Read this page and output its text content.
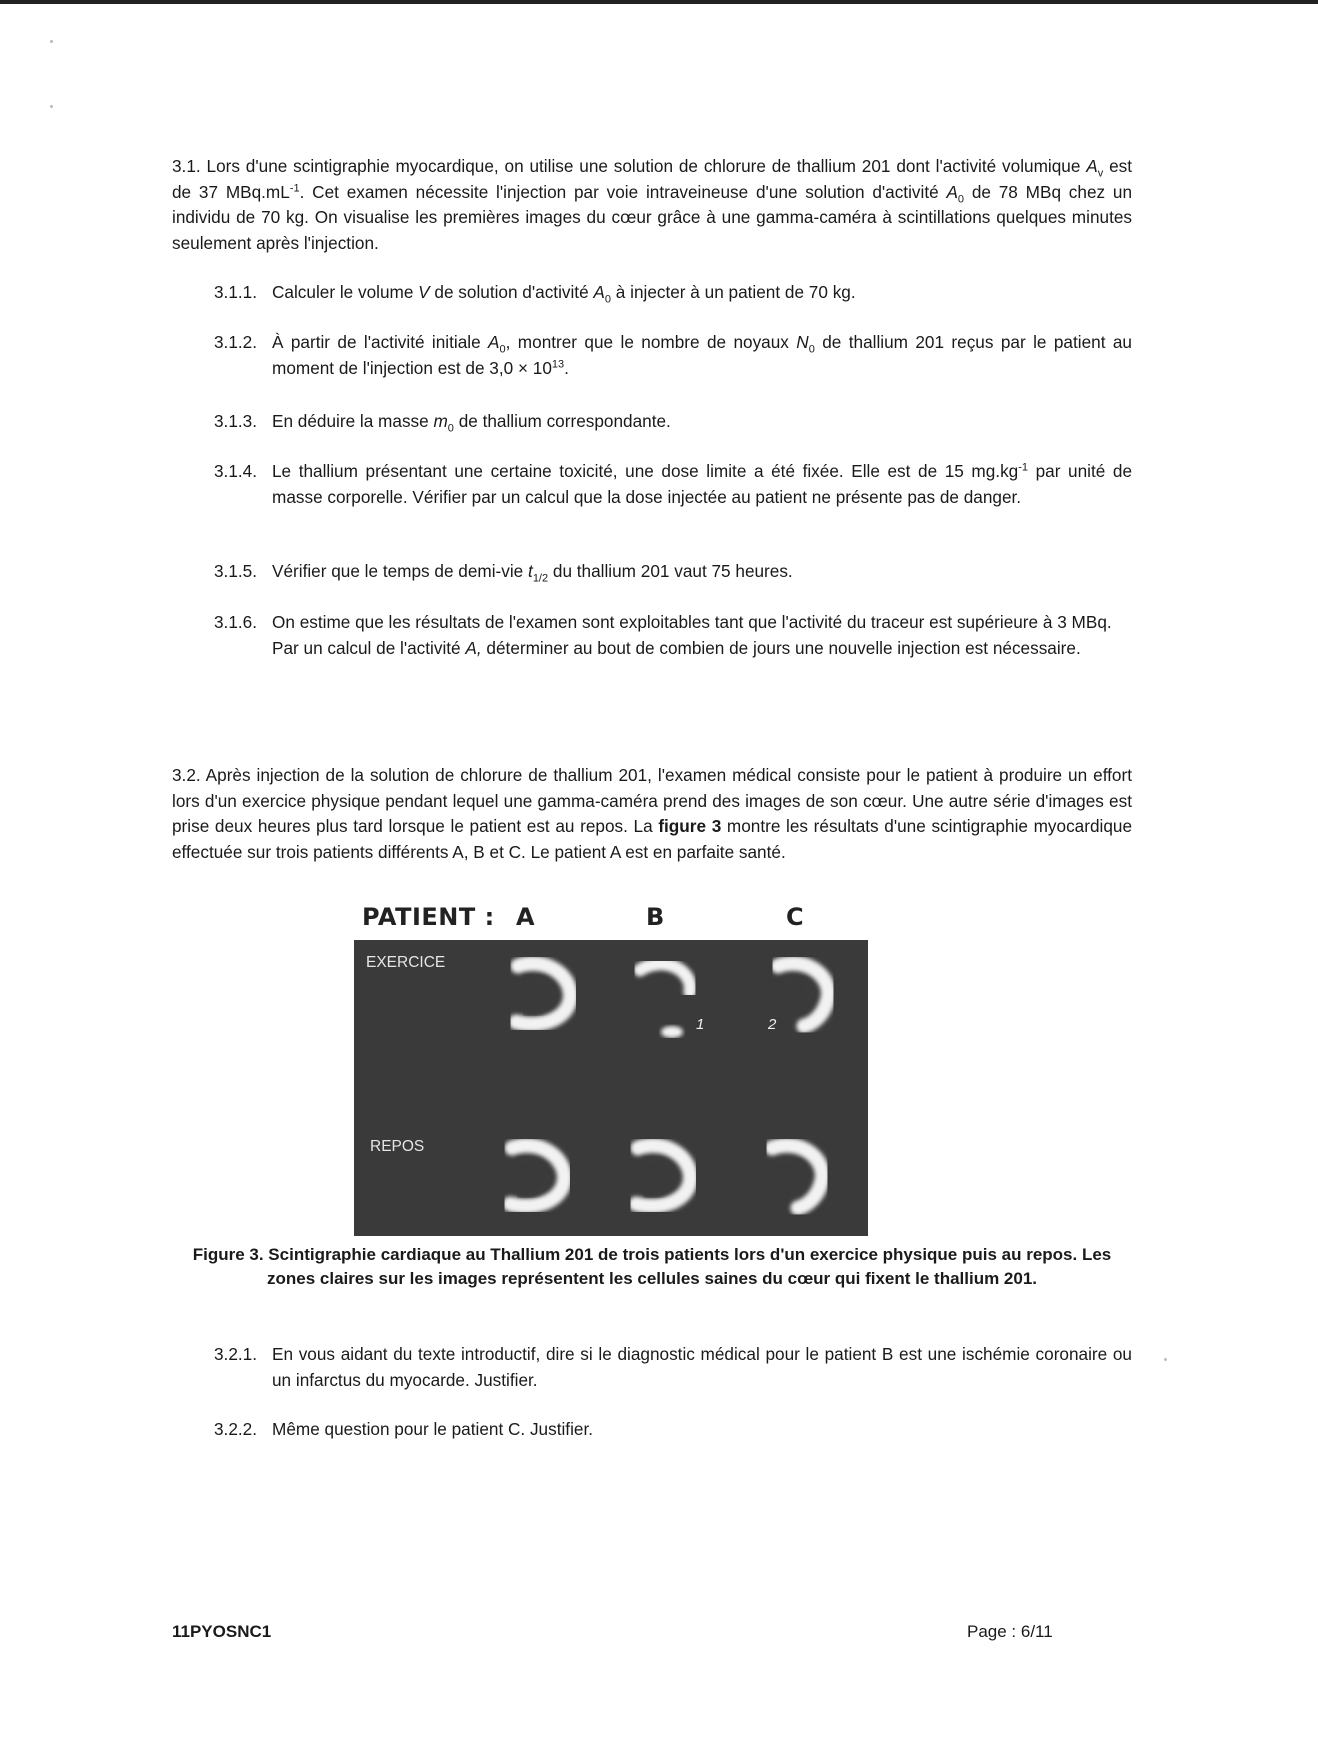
3.1. Lors d'une scintigraphie myocardique, on utilise une solution de chlorure de thallium 201 dont l'activité volumique $A_v$ est de 37 $MBq.mL^{-1}$. Cet examen nécessite l'injection par voie intraveineuse d'une solution d'activité $A_0$ de 78 MBq chez un individu de 70 kg. On visualise les premières images du cœur grâce à une gamma-caméra à scintillations quelques minutes seulement après l'injection.
3.1.1. Calculer le volume V de solution d'activité $A_0$ à injecter à un patient de 70 kg.
3.1.2. À partir de l'activité initiale $A_0$, montrer que le nombre de noyaux $N_0$ de thallium 201 reçus par le patient au moment de l'injection est de $3,0 \times 10^{13}$.
3.1.3. En déduire la masse $m_0$ de thallium correspondante.
3.1.4. Le thallium présentant une certaine toxicité, une dose limite a été fixée. Elle est de 15 $mg.kg^{-1}$ par unité de masse corporelle. Vérifier par un calcul que la dose injectée au patient ne présente pas de danger.
3.1.5. Vérifier que le temps de demi-vie $t_{1/2}$ du thallium 201 vaut 75 heures.
3.1.6. On estime que les résultats de l'examen sont exploitables tant que l'activité du traceur est supérieure à 3 MBq.
Par un calcul de l'activité A, déterminer au bout de combien de jours une nouvelle injection est nécessaire.
3.2. Après injection de la solution de chlorure de thallium 201, l'examen médical consiste pour le patient à produire un effort lors d'un exercice physique pendant lequel une gamma-caméra prend des images de son cœur. Une autre série d'images est prise deux heures plus tard lorsque le patient est au repos. La figure 3 montre les résultats d'une scintigraphie myocardique effectuée sur trois patients différents A, B et C. Le patient A est en parfaite santé.
PATIENT : A	B	C
EXERCICE
REPOS
1	2
Figure 3. Scintigraphie cardiaque au Thallium 201 de trois patients lors d'un exercice physique puis au repos. Les zones claires sur les images représentent les cellules saines du cœur qui fixent le thallium 201.
3.2.1. En vous aidant du texte introductif, dire si le diagnostic médical pour le patient B est une ischémie coronaire ou un infarctus du myocarde. Justifier.
3.2.2. Même question pour le patient C. Justifier.
11PYOSNC1	Page : 6/11
